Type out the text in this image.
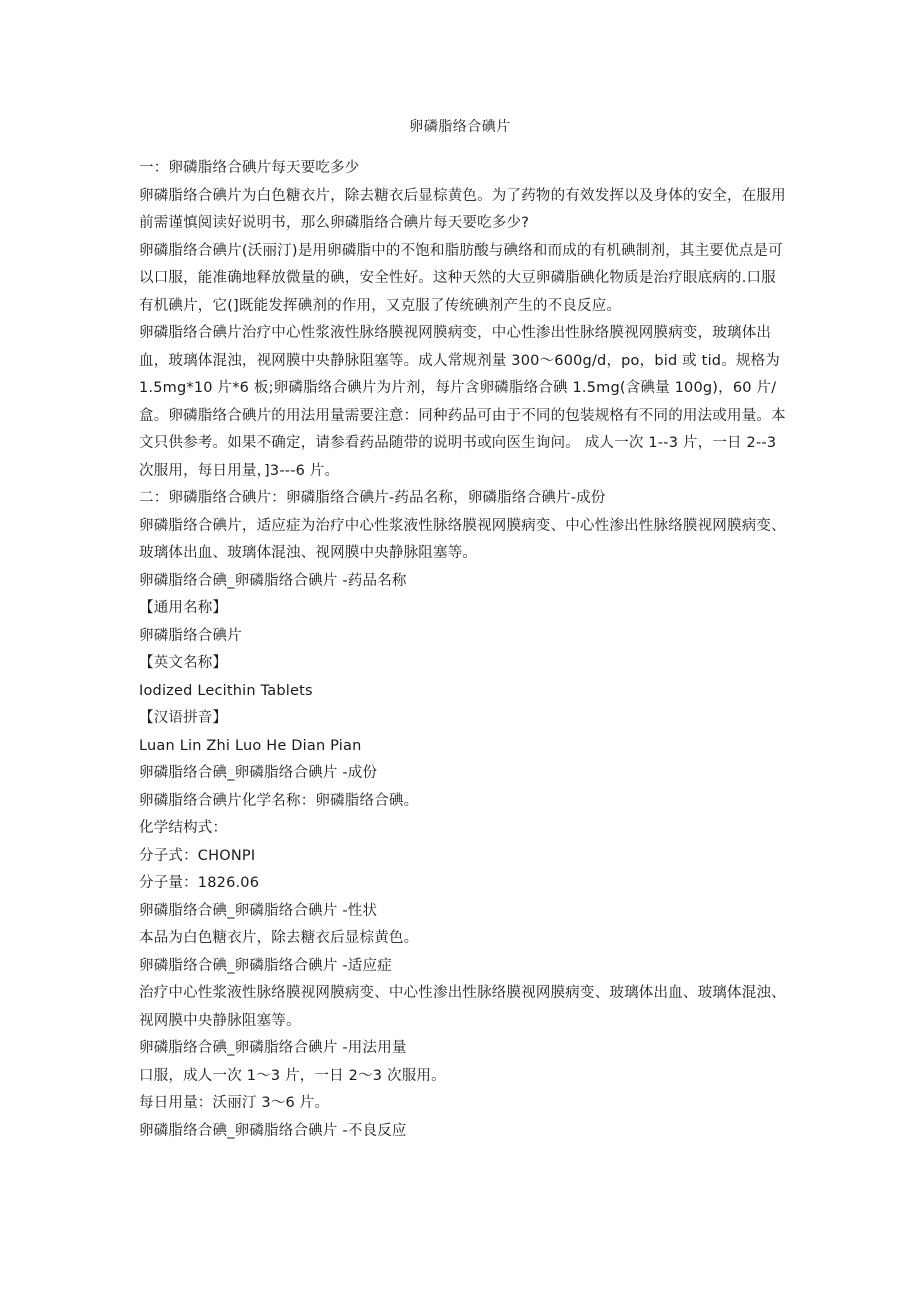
卵磷脂络合碘片

一：卵磷脂络合碘片每天要吃多少

卵磷脂络合碘片为白色糖衣片，除去糖衣后显棕黄色。为了药物的有效发挥以及身体的安全，在服用前需谨慎阅读好说明书，那么卵磷脂络合碘片每天要吃多少?

卵磷脂络合碘片(沃丽汀)是用卵磷脂中的不饱和脂肪酸与碘络和而成的有机碘制剂，其主要优点是可以口服，能准确地释放微量的碘，安全性好。这种天然的大豆卵磷脂碘化物质是治疗眼底病的.口服有机碘片，它(]既能发挥碘剂的作用，又克服了传统碘剂产生的不良反应。

卵磷脂络合碘片治疗中心性浆液性脉络膜视网膜病变，中心性渗出性脉络膜视网膜病变，玻璃体出血，玻璃体混浊，视网膜中央静脉阻塞等。成人常规剂量 300～600g/d，po，bid 或 tid。规格为 1.5mg*10 片*6 板;卵磷脂络合碘片为片剂，每片含卵磷脂络合碘 1.5mg(含碘量 100g)，60 片/盒。卵磷脂络合碘片的用法用量需要注意：同种药品可由于不同的包装规格有不同的用法或用量。本文只供参考。如果不确定，请参看药品随带的说明书或向医生询问。 成人一次 1--3 片，一日 2--3 次服用，每日用量，]3---6 片。

二：卵磷脂络合碘片：卵磷脂络合碘片-药品名称，卵磷脂络合碘片-成份

卵磷脂络合碘片，适应症为治疗中心性浆液性脉络膜视网膜病变、中心性渗出性脉络膜视网膜病变、玻璃体出血、玻璃体混浊、视网膜中央静脉阻塞等。

卵磷脂络合碘_卵磷脂络合碘片 -药品名称

【通用名称】

卵磷脂络合碘片

【英文名称】

Iodized Lecithin Tablets

【汉语拼音】

Luan Lin Zhi Luo He Dian Pian

卵磷脂络合碘_卵磷脂络合碘片 -成份

卵磷脂络合碘片化学名称：卵磷脂络合碘。

化学结构式：

分子式：CHONPI

分子量：1826.06

卵磷脂络合碘_卵磷脂络合碘片 -性状

本品为白色糖衣片，除去糖衣后显棕黄色。

卵磷脂络合碘_卵磷脂络合碘片 -适应症

治疗中心性浆液性脉络膜视网膜病变、中心性渗出性脉络膜视网膜病变、玻璃体出血、玻璃体混浊、视网膜中央静脉阻塞等。

卵磷脂络合碘_卵磷脂络合碘片 -用法用量

口服，成人一次 1～3 片，一日 2～3 次服用。

每日用量：沃丽汀 3～6 片。

卵磷脂络合碘_卵磷脂络合碘片 -不良反应
